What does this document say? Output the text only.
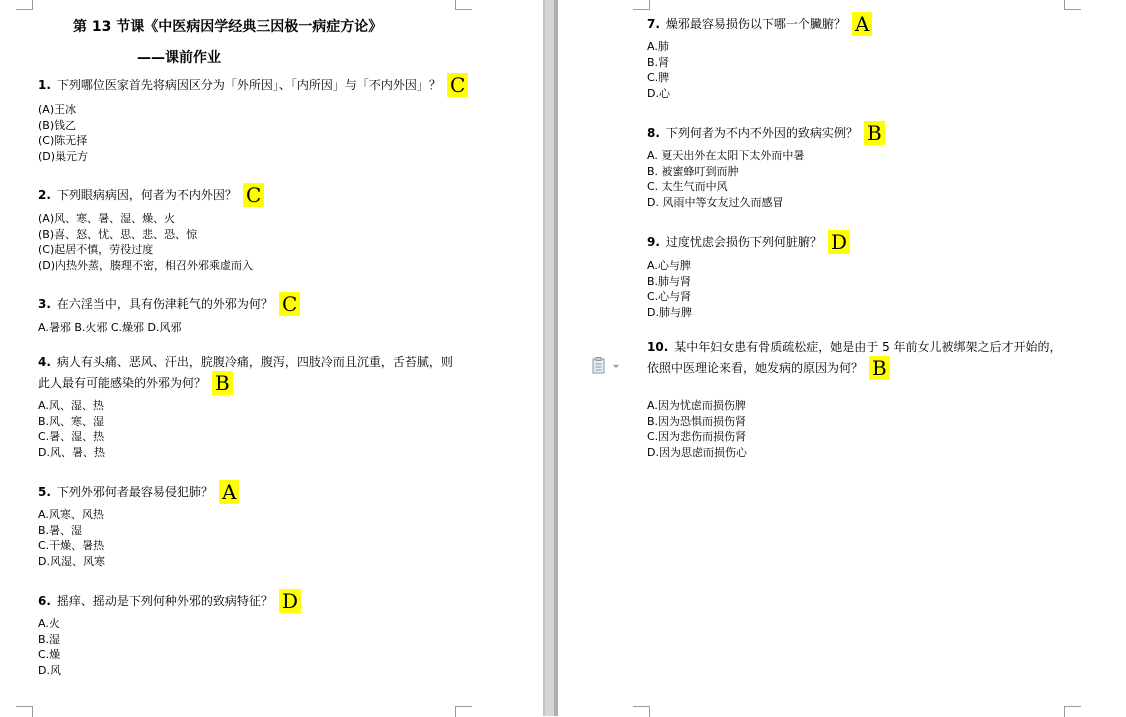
第 13 节课《中医病因学经典三因极一病症方论》
——课前作业
1. 下列哪位医家首先将病因区分为「外所因」、「内所因」与「不内外因」？ C
(A)王冰
(B)钱乙
(C)陈无择
(D)巢元方
2. 下列眼病病因，何者为不内外因？ C
(A)风、寒、暑、湿、燥、火
(B)喜、怒、忧、思、悲、恐、惊
(C)起居不慎，劳役过度
(D)内热外蒸，腠理不密，相召外邪乘虚而入
3. 在六淫当中，具有伤津耗气的外邪为何？ C
A.暑邪 B.火邪 C.燥邪 D.风邪
4. 病人有头痛、恶风、汗出，脘腹冷痛，腹泻，四肢冷而且沉重，舌苔腻，则
此人最有可能感染的外邪为何？ B
A.风、湿、热
B.风、寒、湿
C.暑、湿、热
D.风、暑、热
5. 下列外邪何者最容易侵犯肺？ A
A.风寒、风热
B.暑、湿
C.干燥、暑热
D.风湿、风寒
6. 摇痒、摇动是下列何种外邪的致病特征？ D
A.火
B.湿
C.燥
D.风
7. 燥邪最容易损伤以下哪一个臟腑？ A
A.肺
B.肾
C.脾
D.心
8. 下列何者为不内不外因的致病实例？ B
A. 夏天出外在太阳下太外而中暑
B. 被蜜蜂叮到而肿
C. 太生气而中风
D. 风雨中等女友过久而感冒
9. 过度忧虑会损伤下列何脏腑？ D
A.心与脾
B.肺与肾
C.心与肾
D.肺与脾
10. 某中年妇女患有骨质疏松症，她是由于 5 年前女儿被绑架之后才开始的，
依照中医理论来看，她发病的原因为何？ B
A.因为忧虑而损伤脾
B.因为恐惧而损伤肾
C.因为悲伤而损伤肾
D.因为思虑而损伤心
